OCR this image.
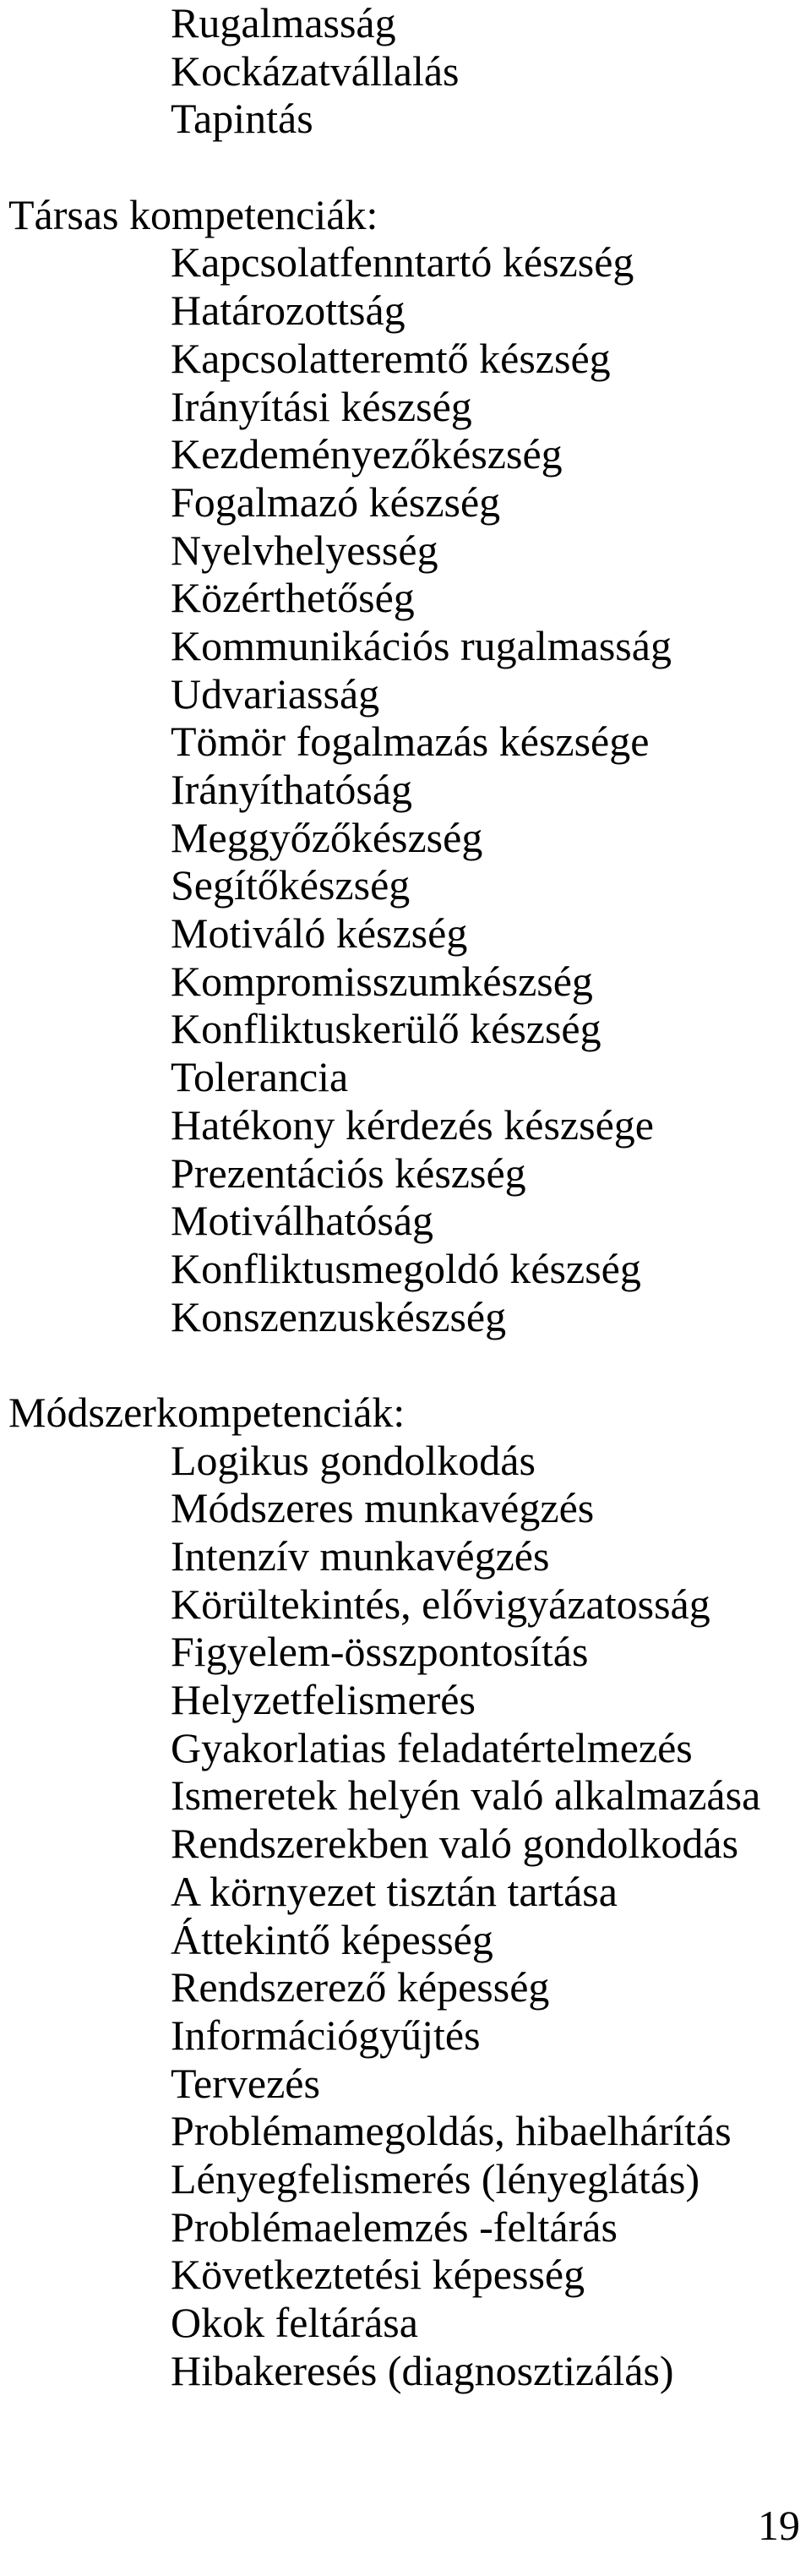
Rugalmasság
Kockázatvállalás
Tapintás
Társas kompetenciák:
Kapcsolatfenntartó készség
Határozottság
Kapcsolatteremtő készség
Irányítási készség
Kezdeményezőkészség
Fogalmazó készség
Nyelvhelyesség
Közérthetőség
Kommunikációs rugalmasság
Udvariasság
Tömör fogalmazás készsége
Irányíthatóság
Meggyőzőkészség
Segítőkészség
Motiváló készség
Kompromisszumkészség
Konfliktuskerülő készség
Tolerancia
Hatékony kérdezés készsége
Prezentációs készség
Motiválhatóság
Konfliktusmegoldó készség
Konszenzuskészség
Módszerkompetenciák:
Logikus gondolkodás
Módszeres munkavégzés
Intenzív munkavégzés
Körültekintés, elővigyázatosság
Figyelem-összpontosítás
Helyzetfelismerés
Gyakorlatias feladatértelmezés
Ismeretek helyén való alkalmazása
Rendszerekben való gondolkodás
A környezet tisztán tartása
Áttekintő képesség
Rendszerező képesség
Információgyűjtés
Tervezés
Problémamegoldás, hibaelhárítás
Lényegfelismerés (lényeglátás)
Problémaelemzés -feltárás
Következtetési képesség
Okok feltárása
Hibakeresés (diagnosztizálás)
19
